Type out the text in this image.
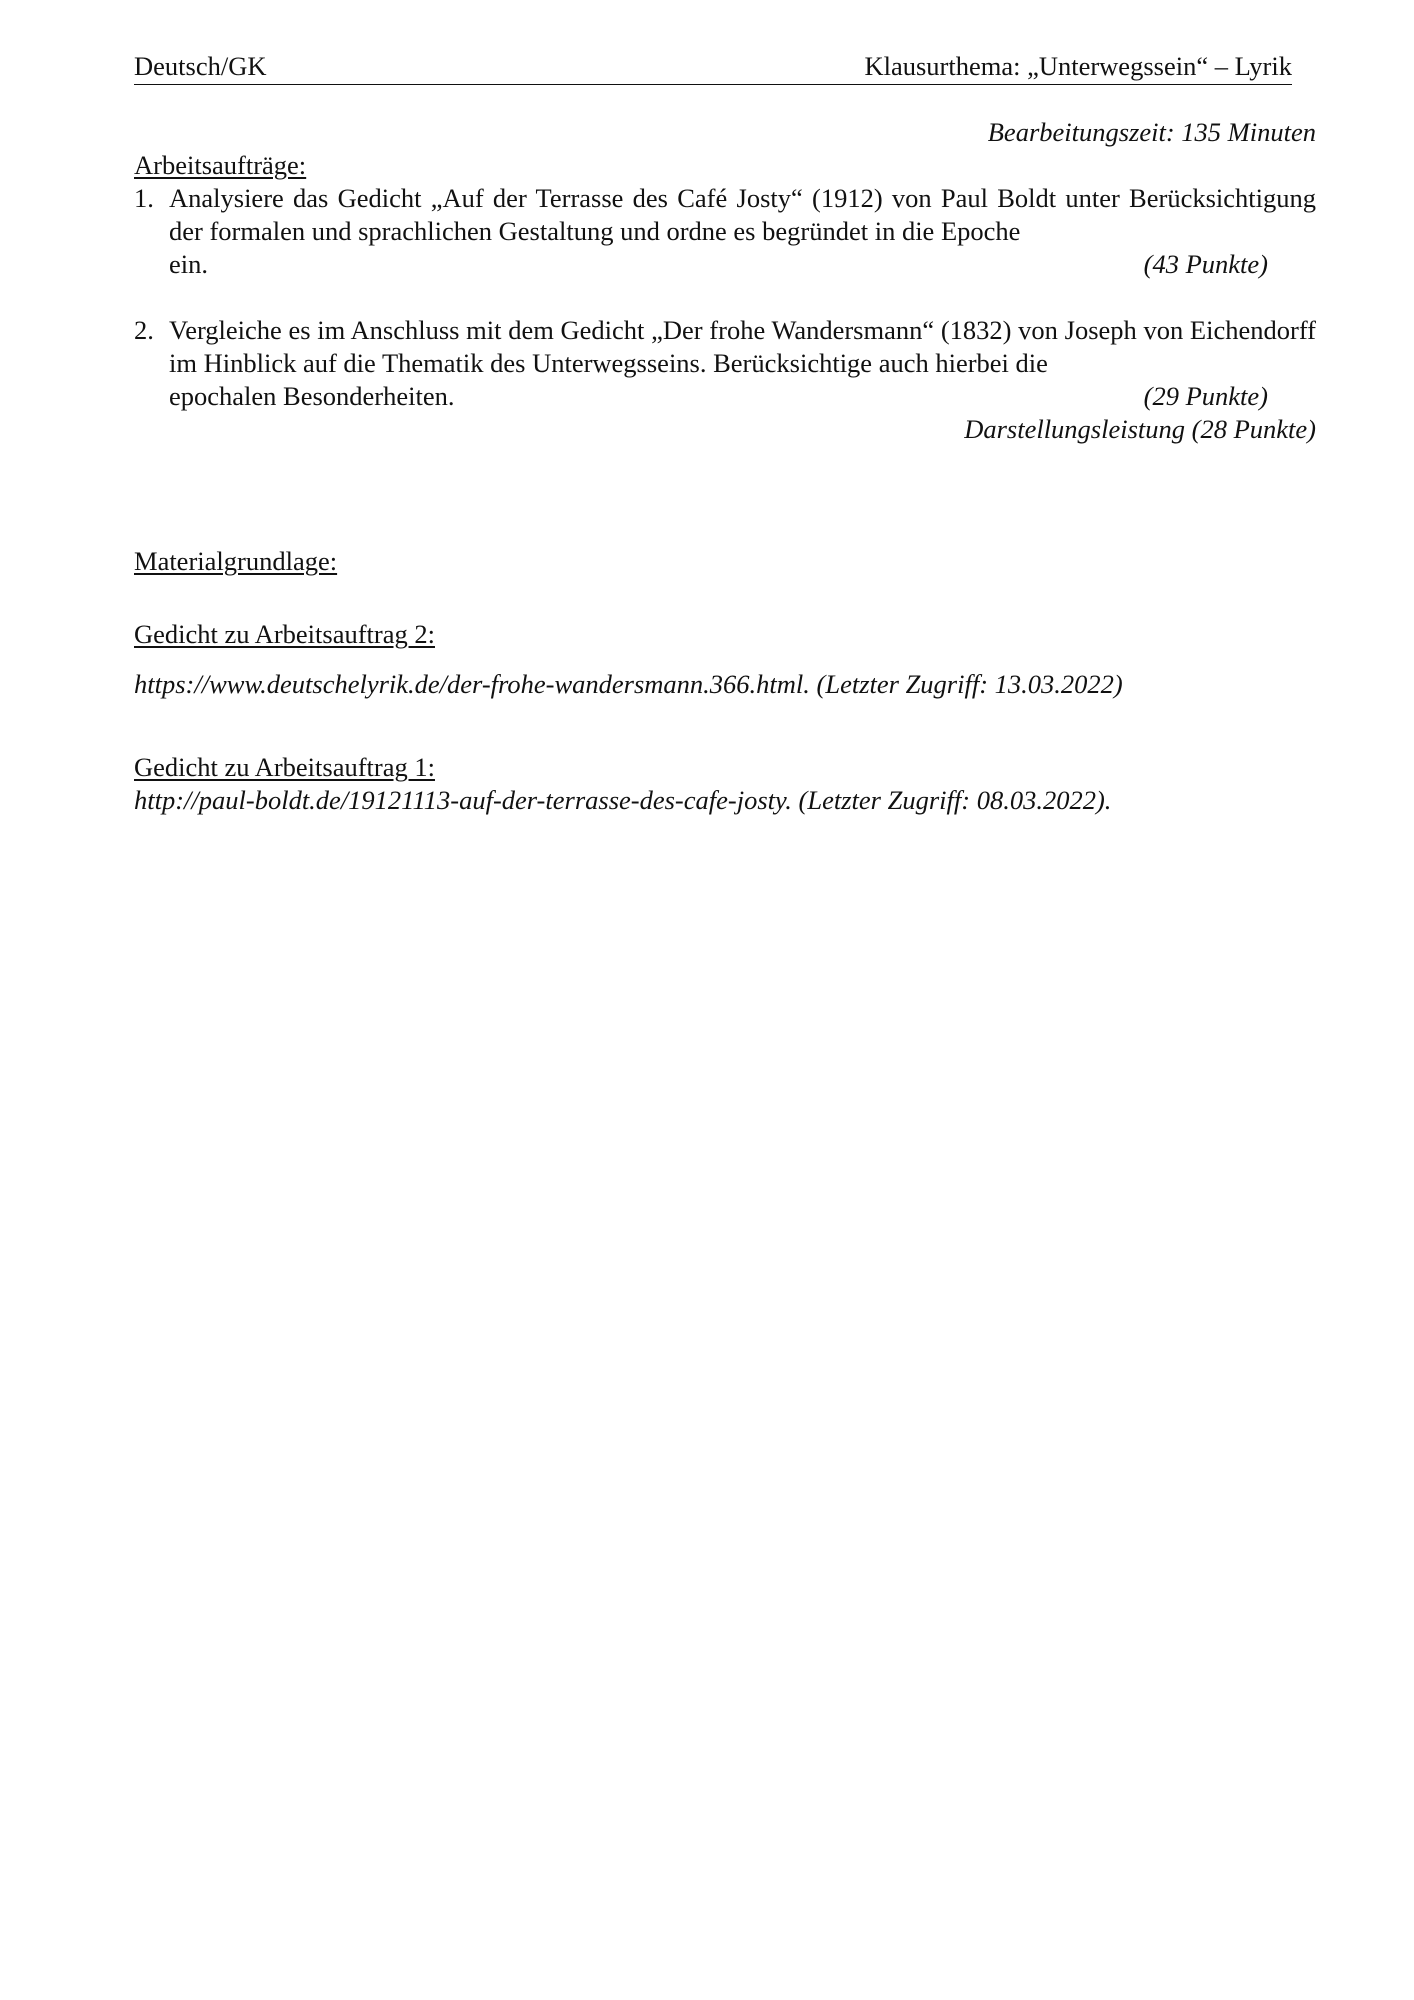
Deutsch/GK	Klausurthema: „Unterwegssein“ – Lyrik
Bearbeitungszeit: 135 Minuten
Arbeitsaufträge:
1. Analysiere das Gedicht „Auf der Terrasse des Café Josty“ (1912) von Paul Boldt unter Berücksichtigung der formalen und sprachlichen Gestaltung und ordne es begründet in die Epoche

ein.	(43 Punkte)
2. Vergleiche es im Anschluss mit dem Gedicht „Der frohe Wandersmann“ (1832) von Joseph von Eichendorff im Hinblick auf die Thematik des Unterwegsseins. Berücksichtige auch hierbei die

epochalen Besonderheiten.	(29 Punkte)
Darstellungsleistung (28 Punkte)
Materialgrundlage:
Gedicht zu Arbeitsauftrag 2:
https://www.deutschelyrik.de/der-frohe-wandersmann.366.html. (Letzter Zugriff: 13.03.2022)
Gedicht zu Arbeitsauftrag 1:
http://paul-boldt.de/19121113-auf-der-terrasse-des-cafe-josty. (Letzter Zugriff: 08.03.2022).
